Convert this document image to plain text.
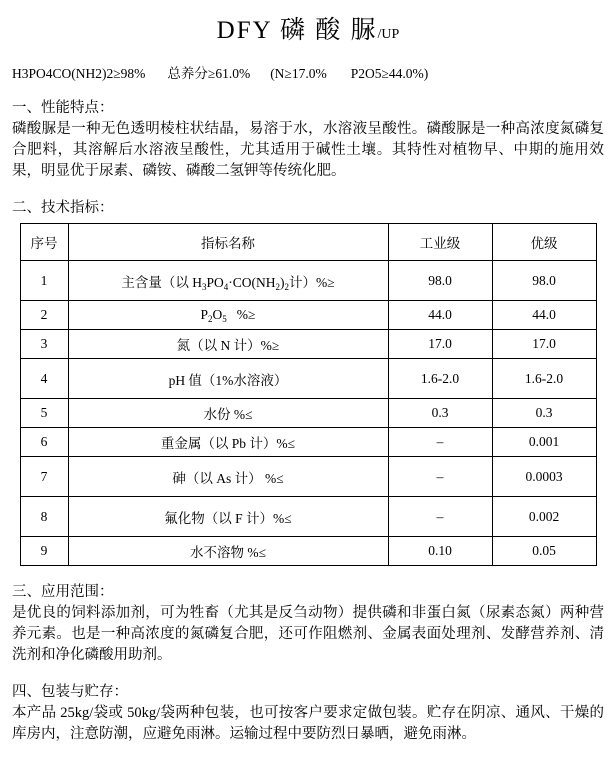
DFY 磷 酸 脲/UP
H3PO4CO(NH2)2≥98% 总养分≥61.0% (N≥17.0% P2O5≥44.0%)
一、性能特点：
磷酸脲是一种无色透明棱柱状结晶，易溶于水，水溶液呈酸性。磷酸脲是一种高浓度氮磷复合肥料，其溶解后水溶液呈酸性，尤其适用于碱性土壤。其特性对植物早、中期的施用效果，明显优于尿素、磷铵、磷酸二氢钾等传统化肥。
二、技术指标：
序号	指标名称	工业级	优级
1	主含量（以 $H_3PO_4\cdot CO(NH_2)_2$计）%≥	98.0	98.0
2	$P_2O_5$ %≥	44.0	44.0
3	氮（以 N 计）%≥	17.0	17.0
4	pH 值（1%水溶液）	1.6-2.0	1.6-2.0
5	水份 %≤	0.3	0.3
6	重金属（以 Pb 计）%≤	–	0.001
7	砷（以 As 计） %≤	–	0.0003
8	氟化物（以 F 计）%≤	–	0.002
9	水不溶物 %≤	0.10	0.05
三、应用范围：
是优良的饲料添加剂，可为牲畜（尤其是反刍动物）提供磷和非蛋白氮（尿素态氮）两种营养元素。也是一种高浓度的氮磷复合肥，还可作阻燃剂、金属表面处理剂、发酵营养剂、清洗剂和净化磷酸用助剂。
四、包装与贮存：
本产品 25kg/袋或 50kg/袋两种包装，也可按客户要求定做包装。贮存在阴凉、通风、干燥的库房内，注意防潮，应避免雨淋。运输过程中要防烈日暴晒，避免雨淋。
